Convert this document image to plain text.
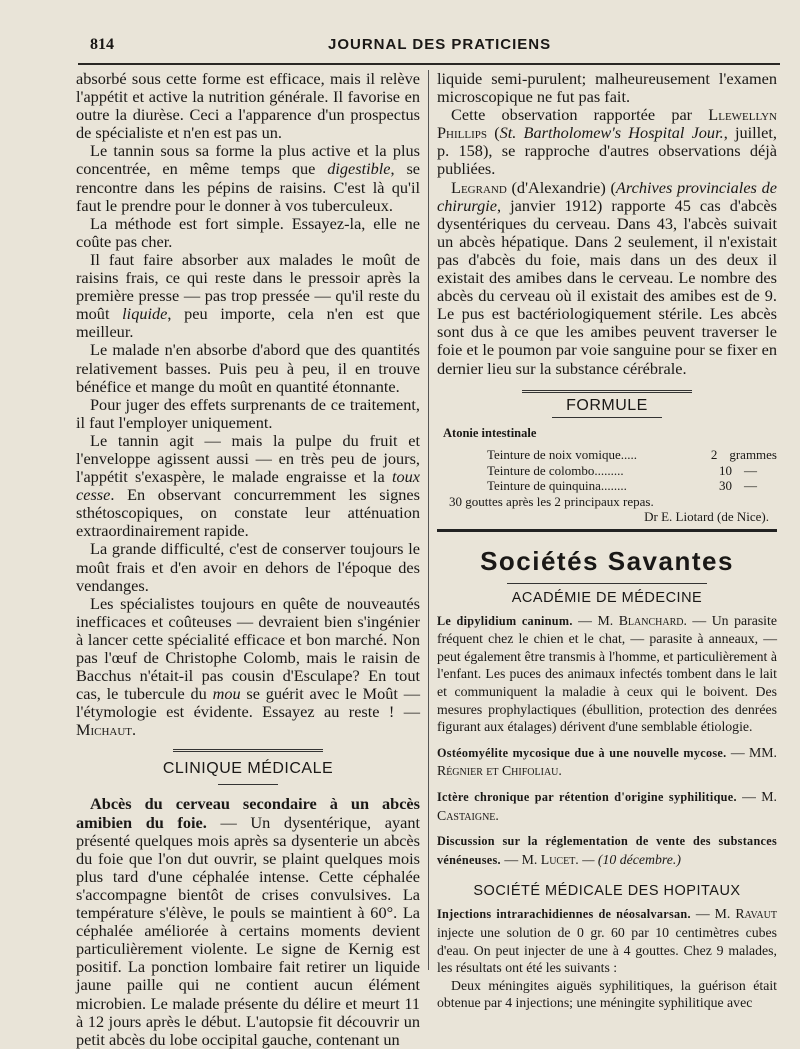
814	JOURNAL DES PRATICIENS

absorbé sous cette forme est efficace, mais il relève l'appétit et active la nutrition générale. Il favorise en outre la diurèse. Ceci a l'apparence d'un prospectus de spécialiste et n'en est pas un.

Le tannin sous sa forme la plus active et la plus concentrée, en même temps que digestible, se rencontre dans les pépins de raisins. C'est là qu'il faut le prendre pour le donner à vos tuberculeux.

La méthode est fort simple. Essayez-la, elle ne coûte pas cher.

Il faut faire absorber aux malades le moût de raisins frais, ce qui reste dans le pressoir après la première presse — pas trop pressée — qu'il reste du moût liquide, peu importe, cela n'en est que meilleur.

Le malade n'en absorbe d'abord que des quantités relativement basses. Puis peu à peu, il en trouve bénéfice et mange du moût en quantité étonnante.

Pour juger des effets surprenants de ce traitement, il faut l'employer uniquement.

Le tannin agit — mais la pulpe du fruit et l'enveloppe agissent aussi — en très peu de jours, l'appétit s'exaspère, le malade engraisse et la toux cesse. En observant concurremment les signes sthétoscopiques, on constate leur atténuation extraordinairement rapide.

La grande difficulté, c'est de conserver toujours le moût frais et d'en avoir en dehors de l'époque des vendanges.

Les spécialistes toujours en quête de nouveautés inefficaces et coûteuses — devraient bien s'ingénier à lancer cette spécialité efficace et bon marché. Non pas l'œuf de Christophe Colomb, mais le raisin de Bacchus n'était-il pas cousin d'Esculape? En tout cas, le tubercule du mou se guérit avec le Moût — l'étymologie est évidente. Essayez au reste ! — Michaut.

CLINIQUE MÉDICALE

Abcès du cerveau secondaire à un abcès amibien du foie. — Un dysentérique, ayant présenté quelques mois après sa dysenterie un abcès du foie que l'on dut ouvrir, se plaint quelques mois plus tard d'une céphalée intense. Cette céphalée s'accompagne bientôt de crises convulsives. La température s'élève, le pouls se maintient à 60°. La céphalée améliorée à certains moments devient particulièrement violente. Le signe de Kernig est positif. La ponction lombaire fait retirer un liquide jaune paille qui ne contient aucun élément microbien. Le malade présente du délire et meurt 11 à 12 jours après le début. L'autopsie fit découvrir un petit abcès du lobe occipital gauche, contenant un

liquide semi-purulent; malheureusement l'examen microscopique ne fut pas fait.

Cette observation rapportée par Llewellyn Phillips (St. Bartholomew's Hospital Jour., juillet, p. 158), se rapproche d'autres observations déjà publiées.

Legrand (d'Alexandrie) (Archives provinciales de chirurgie, janvier 1912) rapporte 45 cas d'abcès dysentériques du cerveau. Dans 43, l'abcès suivait un abcès hépatique. Dans 2 seulement, il n'existait pas d'abcès du foie, mais dans un des deux il existait des amibes dans le cerveau. Le nombre des abcès du cerveau où il existait des amibes est de 9. Le pus est bactériologiquement stérile. Les abcès sont dus à ce que les amibes peuvent traverser le foie et le poumon par voie sanguine pour se fixer en dernier lieu sur la substance cérébrale.

FORMULE
Atonie intestinale
Teinture de noix vomique.....	2 grammes
Teinture de colombo.........	10 —
Teinture de quinquina........	30 —
30 gouttes après les 2 principaux repas.
Dr E. Liotard (de Nice).
Sociétés Savantes
ACADÉMIE DE MÉDECINE

Le dipylidium caninum. — M. Blanchard. — Un parasite fréquent chez le chien et le chat, — parasite à anneaux, — peut également être transmis à l'homme, et particulièrement à l'enfant. Les puces des animaux infectés tombent dans le lait et communiquent la maladie à ceux qui le boivent. Des mesures prophylactiques (ébullition, protection des denrées figurant aux étalages) dérivent d'une semblable étiologie.

Ostéomyélite mycosique due à une nouvelle mycose. — MM. Régnier et Chifoliau.

Ictère chronique par rétention d'origine syphilitique. — M. Castaigne.

Discussion sur la réglementation de vente des substances vénéneuses. — M. Lucet. — (10 décembre.)

SOCIÉTÉ MÉDICALE DES HOPITAUX

Injections intrarachidiennes de néosalvarsan. — M. Ravaut injecte une solution de 0 gr. 60 par 10 centimètres cubes d'eau. On peut injecter de une à 4 gouttes. Chez 9 malades, les résultats ont été les suivants :

Deux méningites aiguës syphilitiques, la guérison était obtenue par 4 injections; une méningite syphilitique avec
